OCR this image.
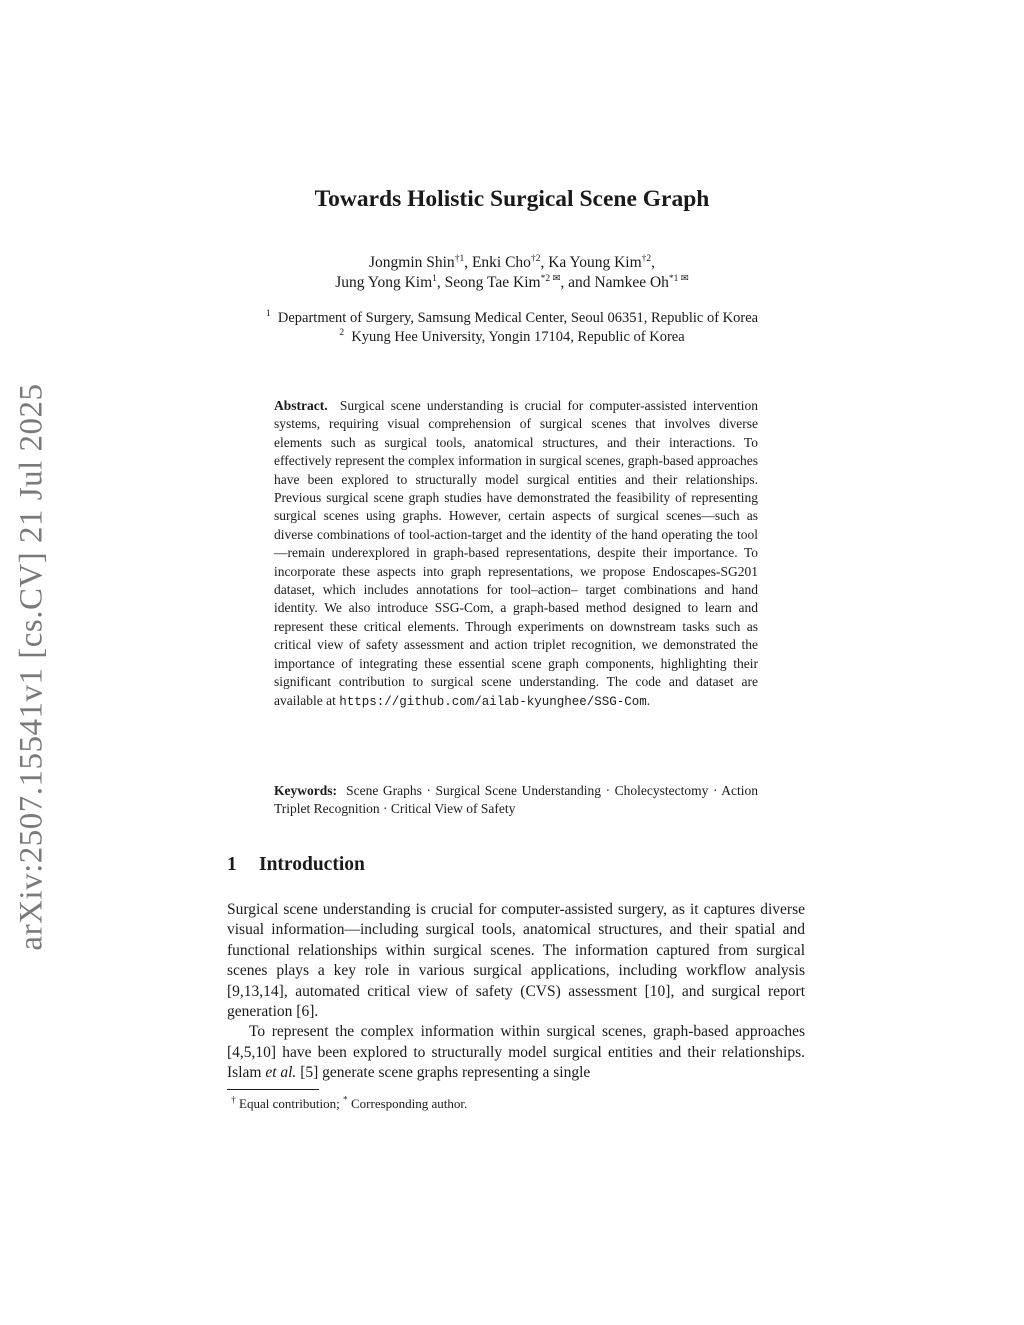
arXiv:2507.15541v1 [cs.CV] 21 Jul 2025
Towards Holistic Surgical Scene Graph
Jongmin Shin$^{\dagger 1}$, Enki Cho$^{\dagger 2}$, Ka Young Kim$^{\dagger 2}$,
Jung Yong Kim$^1$, Seong Tae Kim$^{*2 ✉}$, and Namkee $Oh^{*1 ✉}$
$^1$ Department of Surgery, Samsung Medical Center, Seoul 06351, Republic of Korea
$^2$ Kyung Hee University, Yongin 17104, Republic of Korea
Abstract. Surgical scene understanding is crucial for computer-assisted intervention systems, requiring visual comprehension of surgical scenes that involves diverse elements such as surgical tools, anatomical structures, and their interactions. To effectively represent the complex information in surgical scenes, graph-based approaches have been explored to structurally model surgical entities and their relationships. Previous surgical scene graph studies have demonstrated the feasibility of representing surgical scenes using graphs. However, certain aspects of surgical scenes—such as diverse combinations of tool-action-target and the identity of the hand operating the tool—remain underexplored in graph-based representations, despite their importance. To incorporate these aspects into graph representations, we propose Endoscapes-SG201 dataset, which includes annotations for tool–action– target combinations and hand identity. We also introduce SSG-Com, a graph-based method designed to learn and represent these critical elements. Through experiments on downstream tasks such as critical view of safety assessment and action triplet recognition, we demonstrated the importance of integrating these essential scene graph components, highlighting their significant contribution to surgical scene understanding. The code and dataset are available at https://github.com/ailab-kyunghee/SSG-Com.
Keywords: Scene Graphs · Surgical Scene Understanding · Cholecystectomy · Action Triplet Recognition · Critical View of Safety
1 Introduction

Surgical scene understanding is crucial for computer-assisted surgery, as it captures diverse visual information—including surgical tools, anatomical structures, and their spatial and functional relationships within surgical scenes. The information captured from surgical scenes plays a key role in various surgical applications, including workflow analysis [9,13,14], automated critical view of safety (CVS) assessment [10], and surgical report generation [6].

To represent the complex information within surgical scenes, graph-based approaches [4,5,10] have been explored to structurally model surgical entities and their relationships. Islam et al. [5] generate scene graphs representing a single

† Equal contribution; * Corresponding author.
